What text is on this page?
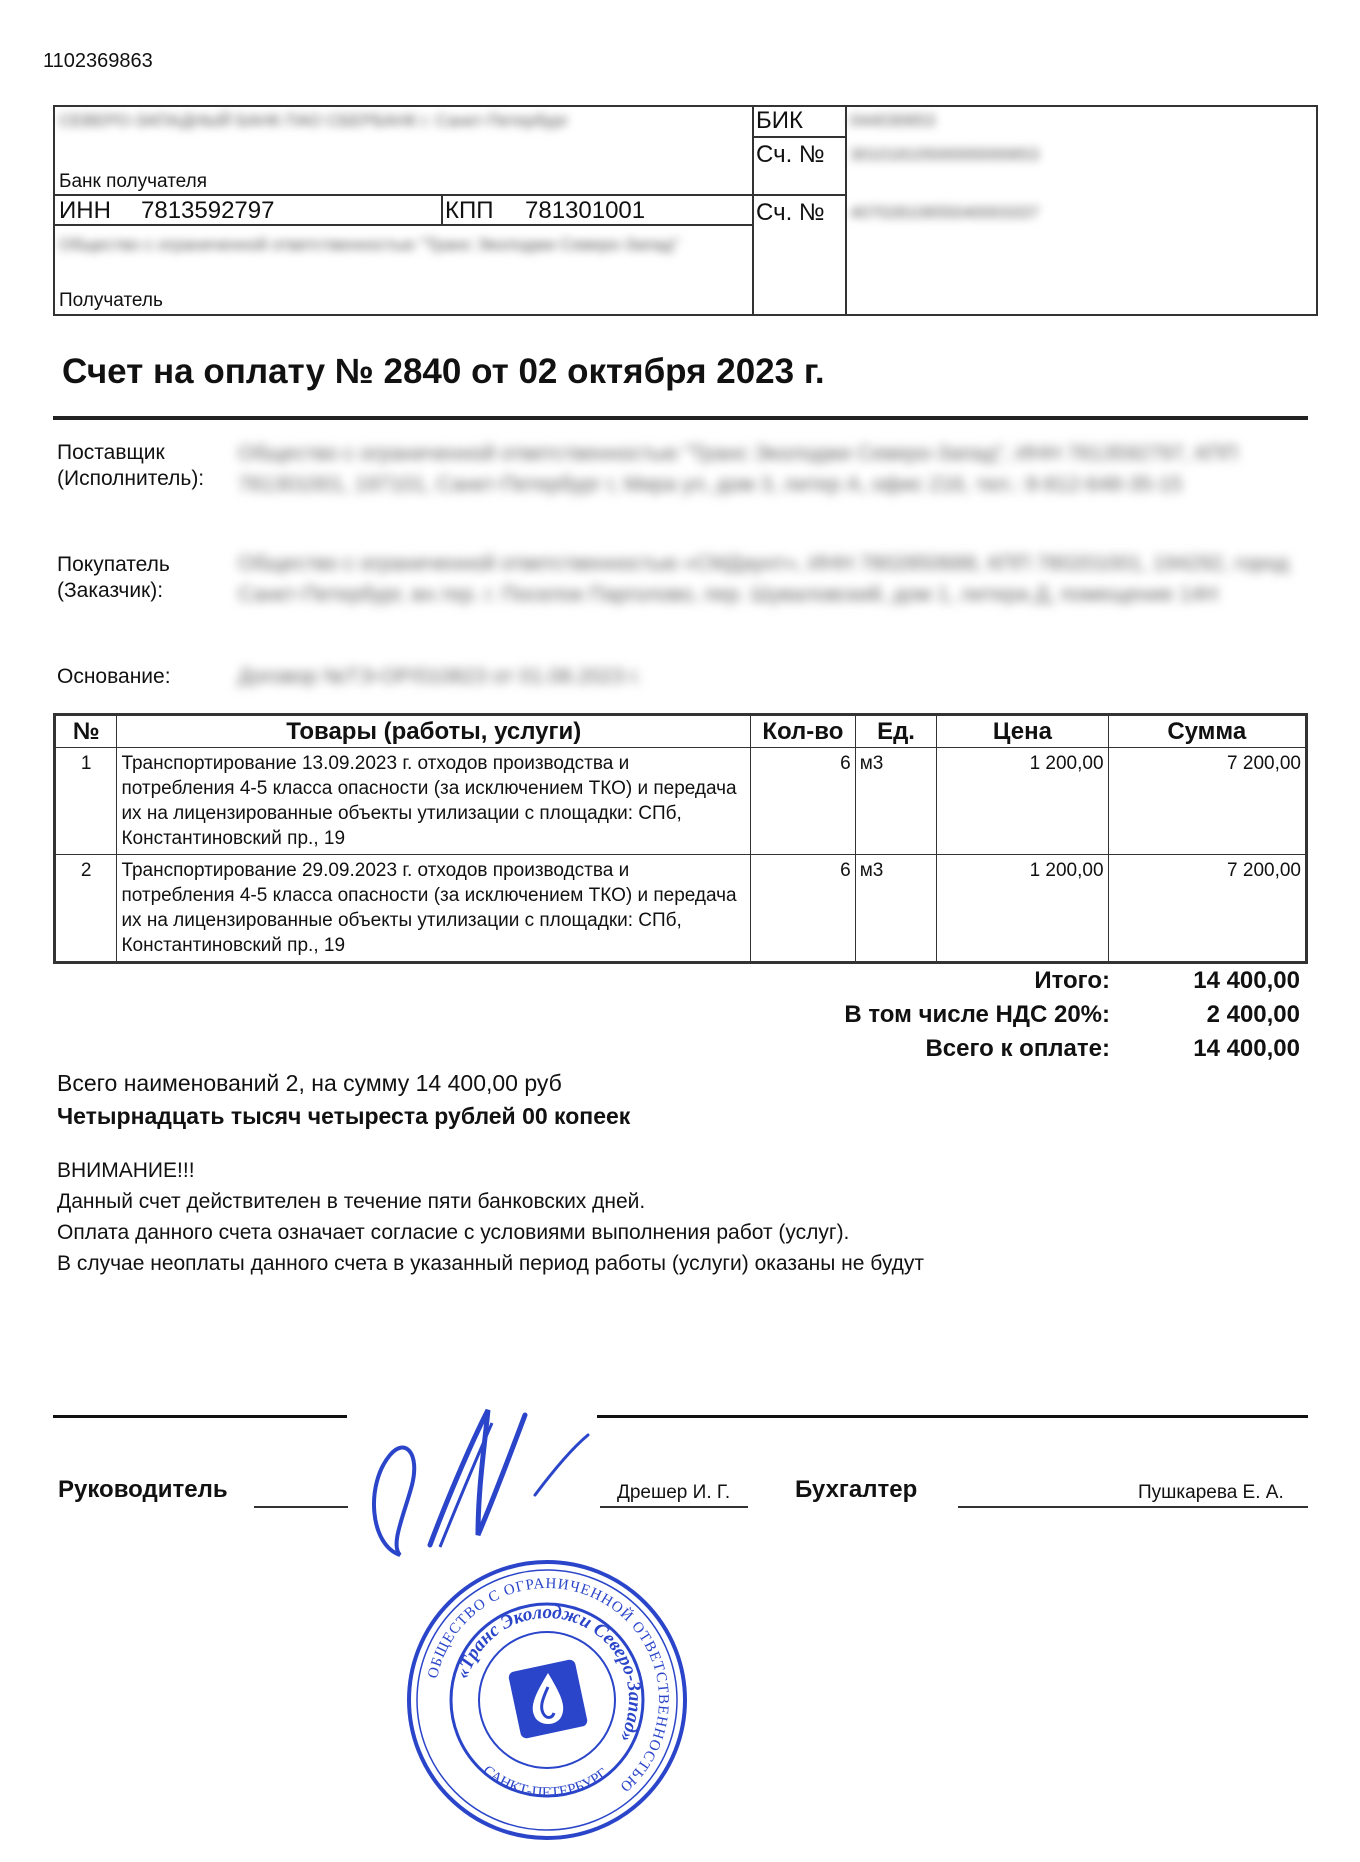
1102369863
СЕВЕРО-ЗАПАДНЫЙ БАНК ПАО СБЕРБАНК г. Санкт-Петербург
Банк получателя
БИК	044030653
Сч. № 30101810500000000653
ИНН 7813592797	КПП 781301001	Сч. № 40702810655040003337
Общество с ограниченной ответственностью "Транс Эколоджи Северо-Запад"
Получатель
Счет на оплату № 2840 от 02 октября 2023 г.
Поставщик
(Исполнитель):
Общество с ограниченной ответственностью "Транс Эколоджи Северо-Запад", ИНН 7813592797, КПП 781301001, 197101, Санкт-Петербург г, Мира ул, дом 3, литер А, офис 216, тел.: 8-812-648-35-15
Покупатель
(Заказчик):
Общество с ограниченной ответственностью «СМДаунт», ИНН 7802850688, КПП 780201001, 194292, город Санкт-Петербург, вн.тер. г. Поселок Парголово, пер. Шуваловский, дом 1, литера Д, помещение 14Н
Основание:	Договор №ТЭ-ОР/010823 от 01.08.2023 г.
№	Товары (работы, услуги)	Кол-во	Ед.	Цена	Сумма
1	Транспортирование 13.09.2023 г. отходов производства и потребления 4-5 класса опасности (за исключением ТКО) и передача их на лицензированные объекты утилизации с площадки: СПб, Константиновский пр., 19	6	м3	1 200,00	7 200,00
2	Транспортирование 29.09.2023 г. отходов производства и потребления 4-5 класса опасности (за исключением ТКО) и передача их на лицензированные объекты утилизации с площадки: СПб, Константиновский пр., 19	6	м3	1 200,00	7 200,00
Итого:	14 400,00
В том числе НДС 20%:	2 400,00
Всего к оплате:	14 400,00
Всего наименований 2, на сумму 14 400,00 руб
Четырнадцать тысяч четыреста рублей 00 копеек
ВНИМАНИЕ!!!
Данный счет действителен в течение пяти банковских дней.
Оплата данного счета означает согласие с условиями выполнения работ (услуг).
В случае неоплаты данного счета в указанный период работы (услуги) оказаны не будут
Руководитель	Дрешер И. Г.	Бухгалтер	Пушкарева Е. А.
ОБЩЕСТВО С ОГРАНИЧЕННОЙ ОТВЕТСТВЕННОСТЬЮ
«Транс Эколоджи Северо-Запад»
САНКТ-ПЕТЕРБУРГ
